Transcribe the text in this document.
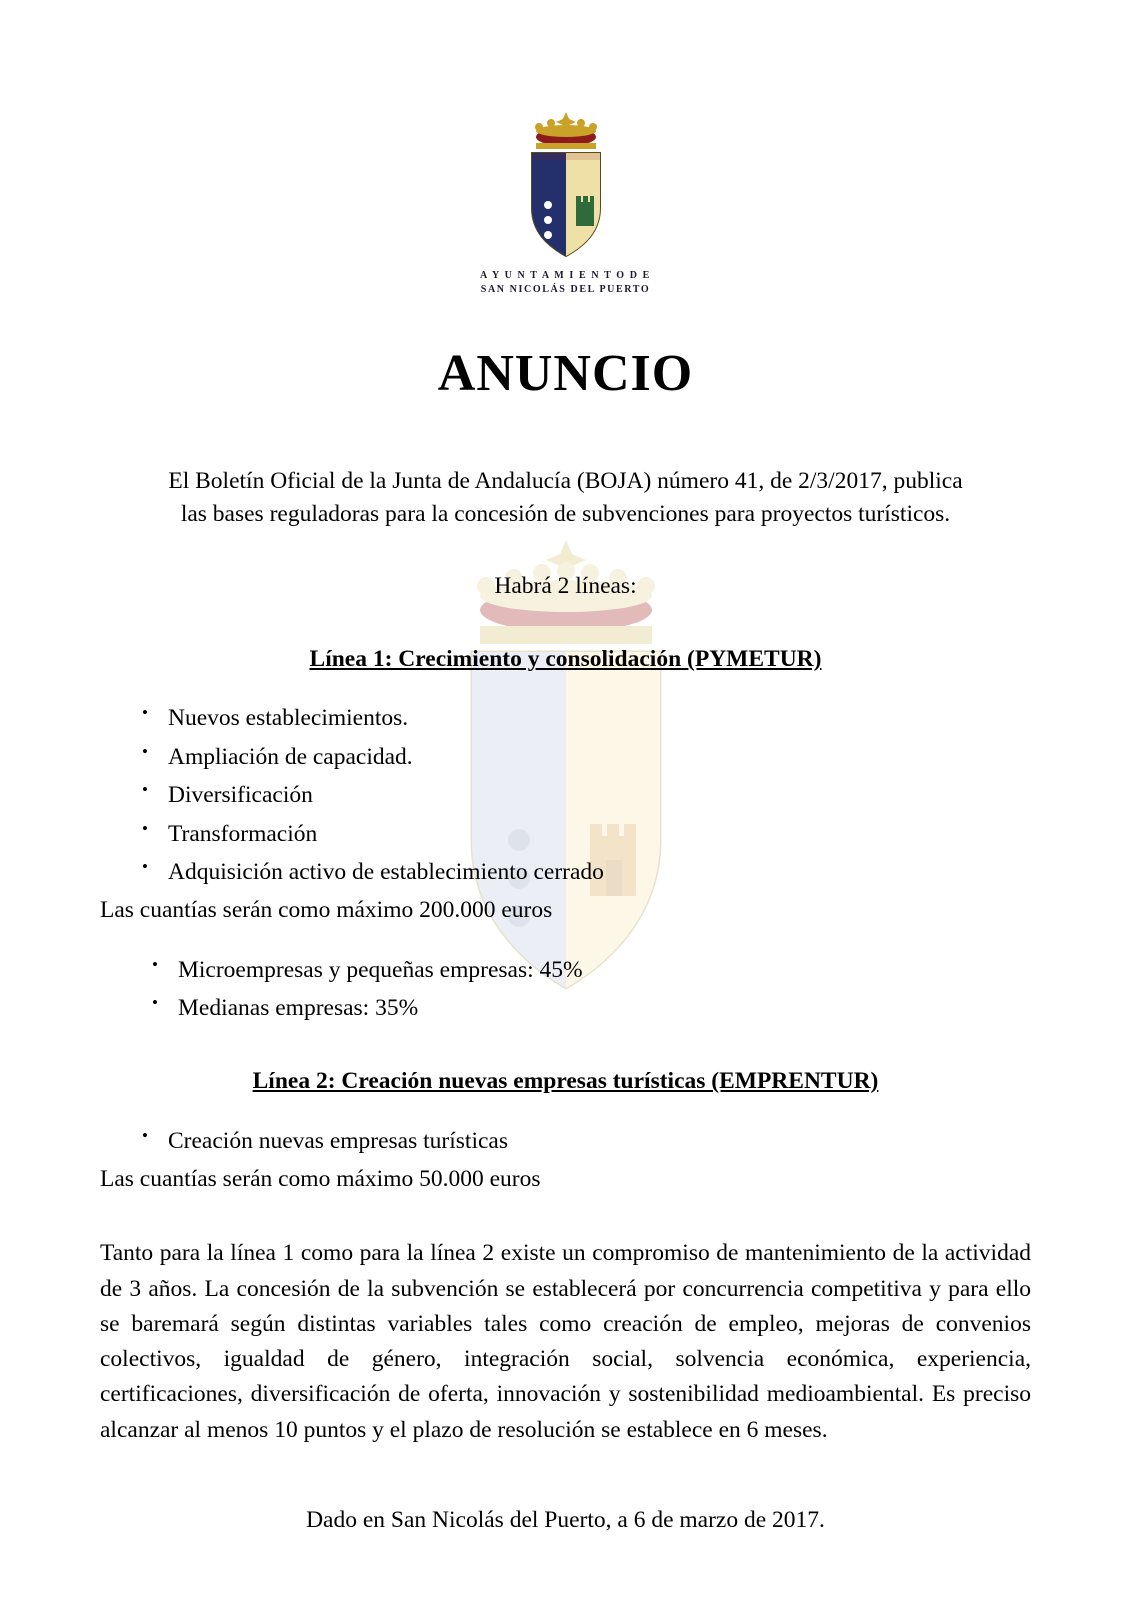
A Y U N T A M I E N T O D E
SAN NICOLÁS DEL PUERTO
ANUNCIO

El Boletín Oficial de la Junta de Andalucía (BOJA) número 41, de 2/3/2017, publica

las bases reguladoras para la concesión de subvenciones para proyectos turísticos.

Habrá 2 líneas:
Línea 1: Crecimiento y consolidación (PYMETUR)
• Nuevos establecimientos.
• Ampliación de capacidad.
• Diversificación
• Transformación
• Adquisición activo de establecimiento cerrado
Las cuantías serán como máximo 200.000 euros
• Microempresas y pequeñas empresas: 45%
• Medianas empresas: 35%
Línea 2: Creación nuevas empresas turísticas (EMPRENTUR)
• Creación nuevas empresas turísticas
Las cuantías serán como máximo 50.000 euros
Tanto para la línea 1 como para la línea 2 existe un compromiso de mantenimiento de la actividad de 3 años. La concesión de la subvención se establecerá por concurrencia competitiva y para ello se baremará según distintas variables tales como creación de empleo, mejoras de convenios colectivos, igualdad de género, integración social, solvencia económica, experiencia, certificaciones, diversificación de oferta, innovación y sostenibilidad medioambiental. Es preciso alcanzar al menos 10 puntos y el plazo de resolución se establece en 6 meses.
Dado en San Nicolás del Puerto, a 6 de marzo de 2017.
